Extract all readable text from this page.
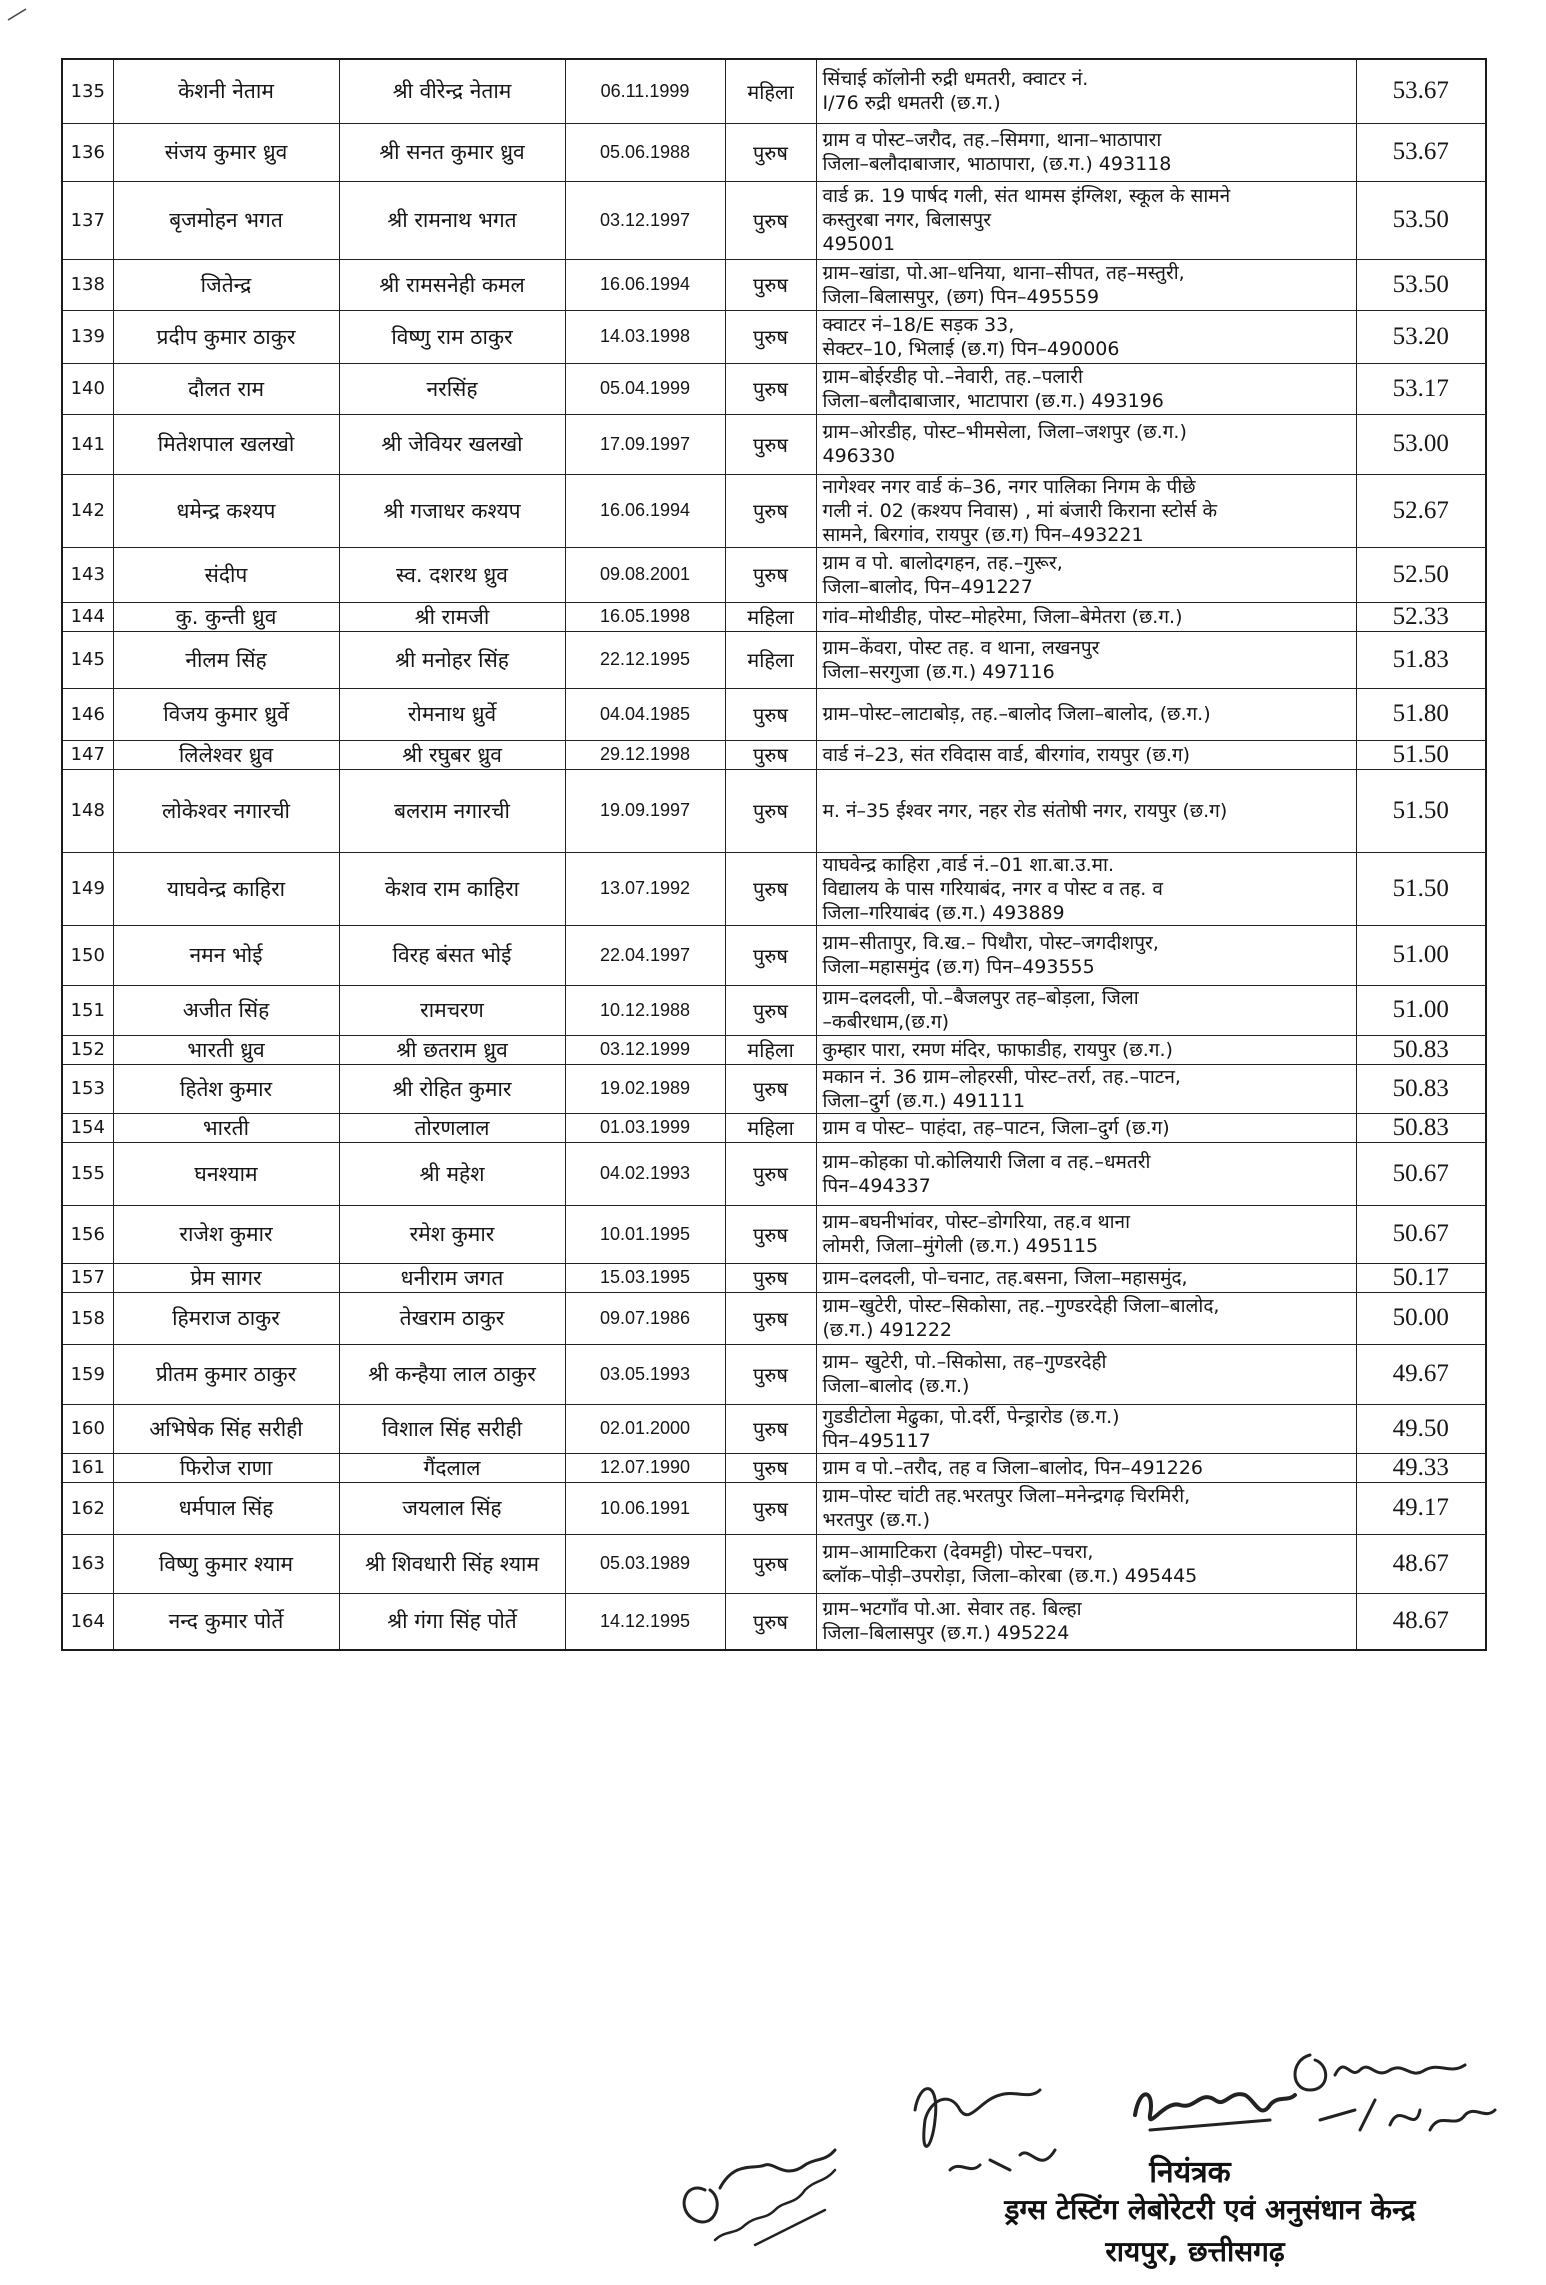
135	केशनी नेताम	श्री वीरेन्द्र नेताम	06.11.1999	महिला	सिंचाई कॉलोनी रुद्री धमतरी, क्वाटर नं.
I/76 रुद्री धमतरी (छ.ग.)	53.67
136	संजय कुमार ध्रुव	श्री सनत कुमार ध्रुव	05.06.1988	पुरुष	ग्राम व पोस्ट–जरौद, तह.–सिमगा, थाना–भाठापारा
जिला–बलौदाबाजार, भाठापारा, (छ.ग.) 493118	53.67
137	बृजमोहन भगत	श्री रामनाथ भगत	03.12.1997	पुरुष	वार्ड क्र. 19 पार्षद गली, संत थामस इंग्लिश, स्कूल के सामने
कस्तुरबा नगर, बिलासपुर
495001	53.50
138	जितेन्द्र	श्री रामसनेही कमल	16.06.1994	पुरुष	ग्राम–खांडा, पो.आ–धनिया, थाना–सीपत, तह–मस्तुरी,
जिला–बिलासपुर, (छग) पिन–495559	53.50
139	प्रदीप कुमार ठाकुर	विष्णु राम ठाकुर	14.03.1998	पुरुष	क्वाटर नं–18/E सड़क 33,
सेक्टर–10, भिलाई (छ.ग) पिन–490006	53.20
140	दौलत राम	नरसिंह	05.04.1999	पुरुष	ग्राम–बोईरडीह पो.–नेवारी, तह.–पलारी
जिला–बलौदाबाजार, भाटापारा (छ.ग.) 493196	53.17
141	मितेशपाल खलखो	श्री जेवियर खलखो	17.09.1997	पुरुष	ग्राम–ओरडीह, पोस्ट–भीमसेला, जिला–जशपुर (छ.ग.)
496330	53.00
142	धमेन्द्र कश्यप	श्री गजाधर कश्यप	16.06.1994	पुरुष	नागेश्वर नगर वार्ड कं–36, नगर पालिका निगम के पीछे
गली नं. 02 (कश्यप निवास) , मां बंजारी किराना स्टोर्स के
सामने, बिरगांव, रायपुर (छ.ग) पिन–493221	52.67
143	संदीप	स्व. दशरथ ध्रुव	09.08.2001	पुरुष	ग्राम व पो. बालोदगहन, तह.–गुरूर,
जिला–बालोद, पिन–491227	52.50
144	कु. कुन्ती ध्रुव	श्री रामजी	16.05.1998	महिला	गांव–मोथीडीह, पोस्ट–मोहरेमा, जिला–बेमेतरा (छ.ग.)	52.33
145	नीलम सिंह	श्री मनोहर सिंह	22.12.1995	महिला	ग्राम–केंवरा, पोस्ट तह. व थाना, लखनपुर
जिला–सरगुजा (छ.ग.) 497116	51.83
146	विजय कुमार ध्रुर्वे	रोमनाथ ध्रुर्वे	04.04.1985	पुरुष	ग्राम–पोस्ट–लाटाबोड़, तह.–बालोद जिला–बालोद, (छ.ग.)	51.80
147	लिलेश्वर ध्रुव	श्री रघुबर ध्रुव	29.12.1998	पुरुष	वार्ड नं–23, संत रविदास वार्ड, बीरगांव, रायपुर (छ.ग)	51.50
148	लोकेश्वर नगारची	बलराम नगारची	19.09.1997	पुरुष	म. नं–35 ईश्वर नगर, नहर रोड संतोषी नगर, रायपुर (छ.ग)	51.50
149	याघवेन्द्र काहिरा	केशव राम काहिरा	13.07.1992	पुरुष	याघवेन्द्र काहिरा ,वार्ड नं.–01 शा.बा.उ.मा.
विद्यालय के पास गरियाबंद, नगर व पोस्ट व तह. व
जिला–गरियाबंद (छ.ग.) 493889	51.50
150	नमन भोई	विरह बंसत भोई	22.04.1997	पुरुष	ग्राम–सीतापुर, वि.ख.– पिथौरा, पोस्ट–जगदीशपुर,
जिला–महासमुंद (छ.ग) पिन–493555	51.00
151	अजीत सिंह	रामचरण	10.12.1988	पुरुष	ग्राम–दलदली, पो.–बैजलपुर तह–बोड़ला, जिला
–कबीरधाम,(छ.ग)	51.00
152	भारती ध्रुव	श्री छतराम ध्रुव	03.12.1999	महिला	कुम्हार पारा, रमण मंदिर, फाफाडीह, रायपुर (छ.ग.)	50.83
153	हितेश कुमार	श्री रोहित कुमार	19.02.1989	पुरुष	मकान नं. 36 ग्राम–लोहरसी, पोस्ट–तर्रा, तह.–पाटन,
जिला–दुर्ग (छ.ग.) 491111	50.83
154	भारती	तोरणलाल	01.03.1999	महिला	ग्राम व पोस्ट– पाहंदा, तह–पाटन, जिला–दुर्ग (छ.ग)	50.83
155	घनश्याम	श्री महेश	04.02.1993	पुरुष	ग्राम–कोहका पो.कोलियारी जिला व तह.–धमतरी
पिन–494337	50.67
156	राजेश कुमार	रमेश कुमार	10.01.1995	पुरुष	ग्राम–बघनीभांवर, पोस्ट–डोगरिया, तह.व थाना
लोमरी, जिला–मुंगेली (छ.ग.) 495115	50.67
157	प्रेम सागर	धनीराम जगत	15.03.1995	पुरुष	ग्राम–दलदली, पो–चनाट, तह.बसना, जिला–महासमुंद,	50.17
158	हिमराज ठाकुर	तेखराम ठाकुर	09.07.1986	पुरुष	ग्राम–खुटेरी, पोस्ट–सिकोसा, तह.–गुण्डरदेही जिला–बालोद,
(छ.ग.) 491222	50.00
159	प्रीतम कुमार ठाकुर	श्री कन्हैया लाल ठाकुर	03.05.1993	पुरुष	ग्राम– खुटेरी, पो.–सिकोसा, तह–गुण्डरदेही
जिला–बालोद (छ.ग.)	49.67
160	अभिषेक सिंह सरीही	विशाल सिंह सरीही	02.01.2000	पुरुष	गुडडीटोला मेढुका, पो.दर्री, पेन्ड्रारोड (छ.ग.)
पिन–495117	49.50
161	फिरोज राणा	गैंदलाल	12.07.1990	पुरुष	ग्राम व पो.–तरौद, तह व जिला–बालोद, पिन–491226	49.33
162	धर्मपाल सिंह	जयलाल सिंह	10.06.1991	पुरुष	ग्राम–पोस्ट चांटी तह.भरतपुर जिला–मनेन्द्रगढ़ चिरमिरी,
भरतपुर (छ.ग.)	49.17
163	विष्णु कुमार श्याम	श्री शिवधारी सिंह श्याम	05.03.1989	पुरुष	ग्राम–आमाटिकरा (देवमट्टी) पोस्ट–पचरा,
ब्लॉक–पोड़ी–उपरोड़ा, जिला–कोरबा (छ.ग.) 495445	48.67
164	नन्द कुमार पोर्ते	श्री गंगा सिंह पोर्ते	14.12.1995	पुरुष	ग्राम–भटगाँव पो.आ. सेवार तह. बिल्हा
जिला–बिलासपुर (छ.ग.) 495224	48.67
नियंत्रक
ड्रग्स टेस्टिंग लेबोरेटरी एवं अनुसंधान केन्द्र
रायपुर, छत्तीसगढ़
